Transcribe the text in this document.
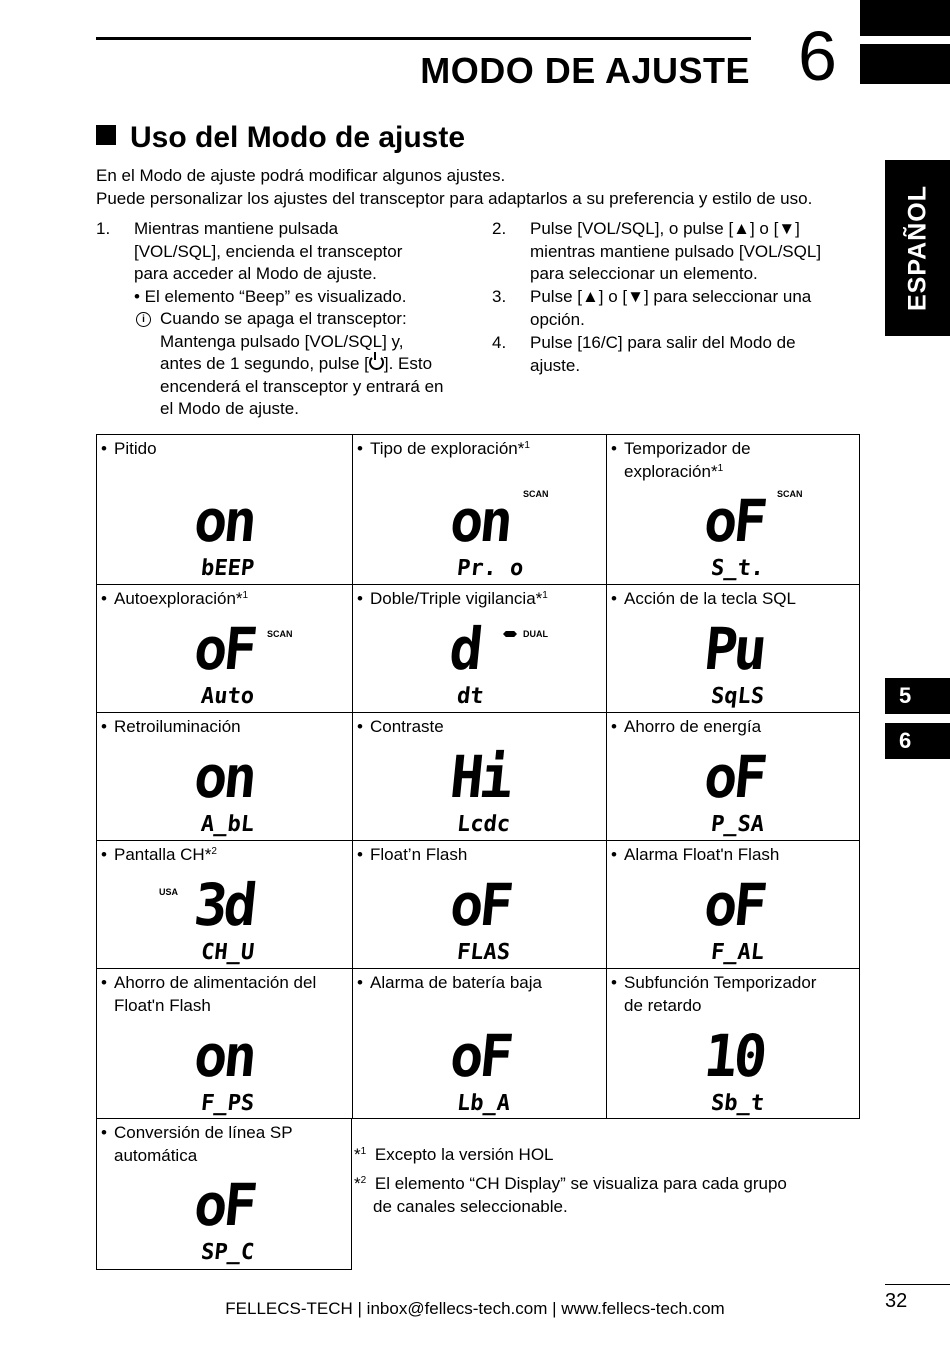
MODO DE AJUSTE 6
ESPAÑOL
5
6
Uso del Modo de ajuste
En el Modo de ajuste podrá modificar algunos ajustes.
Puede personalizar los ajustes del transceptor para adaptarlos a su preferencia y estilo de uso.
1. Mientras mantiene pulsada
[VOL/SQL], encienda el transceptor
para acceder al Modo de ajuste.
• El elemento “Beep” es visualizado.
i Cuando se apaga el transceptor:
Mantenga pulsado [VOL/SQL] y,
antes de 1 segundo, pulse [ ]. Esto
encenderá el transceptor y entrará en
el Modo de ajuste.
2. Pulse [VOL/SQL], o pulse [▲] o [▼]
mientras mantiene pulsado [VOL/SQL]
para seleccionar un elemento.
3. Pulse [▲] o [▼] para seleccionar una
opción.
4. Pulse [16/C] para salir del Modo de
ajuste.
• Pitido
on
bEEP
• Tipo de exploración*$^1$
on
Pr. o
SCAN
• Temporizador de
exploración*$^1$
oF
S_t.
SCAN
• Autoexploración*$^1$
oF
Auto
SCAN
• Doble/Triple vigilancia*$^1$
d
dt
DUAL
• Acción de la tecla SQL
Pu
SqLS
• Retroiluminación
on
A_bL
• Contraste
Hi
Lcdc
• Ahorro de energía
oF
P_SA
• Pantalla CH*$^2$
3d
CH_U
USA
• Float’n Flash
oF
FLAS
• Alarma Float'n Flash
oF
F_AL
• Ahorro de alimentación del
Float'n Flash
on
F_PS
• Alarma de batería baja
oF
Lb_A
• Subfunción Temporizador
de retardo
10
Sb_t
• Conversión de línea SP
automática
oF
SP_C
*$^1$ Excepto la versión HOL
*$^2$ El elemento “CH Display” se visualiza para cada grupo
de canales seleccionable.
32
FELLECS-TECH | inbox@fellecs-tech.com | www.fellecs-tech.com
